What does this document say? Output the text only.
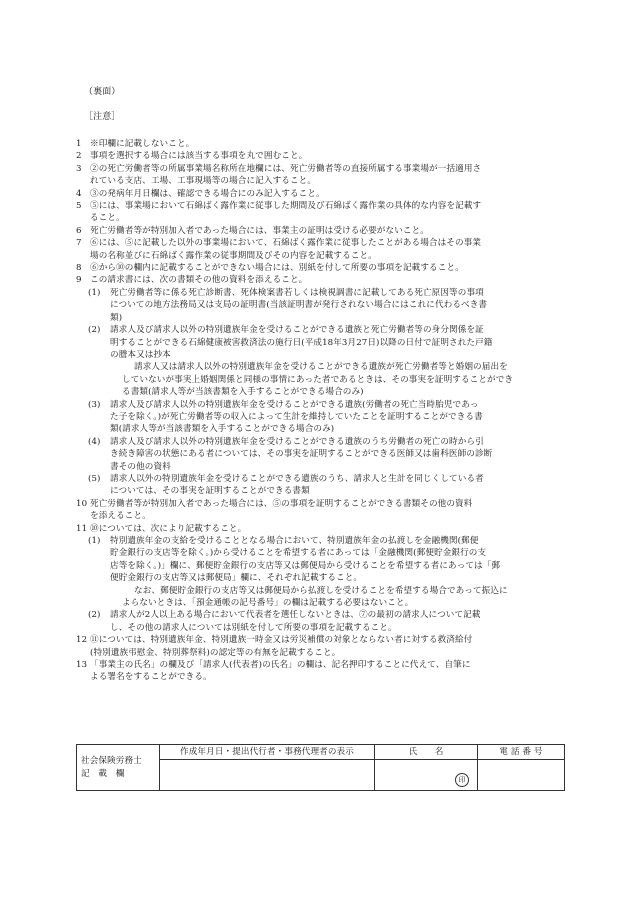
（裏面）
［注意］
1 ※印欄に記載しないこと。
2 事項を選択する場合には該当する事項を丸で囲むこと。
3 ②の死亡労働者等の所属事業場名称所在地欄には、死亡労働者等の直接所属する事業場が一括適用さ
れている支店、工場、工事現場等の場合に記入すること。
4 ③の発病年月日欄は、確認できる場合にのみ記入すること。
5 ⑤には、事業場において石綿ばく露作業に従事した期間及び石綿ばく露作業の具体的な内容を記載す
ること。
6 死亡労働者等が特別加入者であった場合には、事業主の証明は受ける必要がないこと。
7 ⑥には、⑤に記載した以外の事業場において、石綿ばく露作業に従事したことがある場合はその事業
場の名称並びに石綿ばく露作業の従事期間及びその内容を記載すること。
8 ⑥から⑩の欄内に記載することができない場合には、別紙を付して所要の事項を記載すること。
9 この請求書には、次の書類その他の資料を添えること。
(1) 死亡労働者等に係る死亡診断書、死体検案書若しくは検視調書に記載してある死亡原因等の事項
についての地方法務局又は支局の証明書(当該証明書が発行されない場合にはこれに代わるべき書
類)
(2) 請求人及び請求人以外の特別遺族年金を受けることができる遺族と死亡労働者等の身分関係を証
明することができる石綿健康被害救済法の施行日(平成18年3月27日)以降の日付で証明された戸籍
の謄本又は抄本
請求人又は請求人以外の特別遺族年金を受けることができる遺族が死亡労働者等と婚姻の届出を
していないが事実上婚姻関係と同様の事情にあった者であるときは、その事実を証明することができ
る書類(請求人等が当該書類を入手することができる場合のみ)
(3) 請求人及び請求人以外の特別遺族年金を受けることができる遺族(労働者の死亡当時胎児であっ
た子を除く。)が死亡労働者等の収入によって生計を維持していたことを証明することができる書
類(請求人等が当該書類を入手することができる場合のみ)
(4) 請求人及び請求人以外の特別遺族年金を受けることができる遺族のうち労働者の死亡の時から引
き続き障害の状態にある者については、その事実を証明することができる医師又は歯科医師の診断
書その他の資料
(5) 請求人以外の特別遺族年金を受けることができる遺族のうち、請求人と生計を同じくしている者
については、その事実を証明することができる書類
10 死亡労働者等が特別加入者であった場合には、⑤の事項を証明することができる書類その他の資料
を添えること。
11 ⑩については、次により記載すること。
(1) 特別遺族年金の支給を受けることとなる場合において、特別遺族年金の払渡しを金融機関(郵便
貯金銀行の支店等を除く。)から受けることを希望する者にあっては「金融機関(郵便貯金銀行の支
店等を除く。)」欄に、郵便貯金銀行の支店等又は郵便局から受けることを希望する者にあっては「郵
便貯金銀行の支店等又は郵便局」欄に、それぞれ記載すること。
なお、郵便貯金銀行の支店等又は郵便局から払渡しを受けることを希望する場合であって振込に
よらないときは、「預金通帳の記号番号」の欄は記載する必要はないこと。
(2) 請求人が2人以上ある場合において代表者を選任しないときは、⑦の最初の請求人について記載
し、その他の請求人については別紙を付して所要の事項を記載すること。
12 ⑪については、特別遺族年金、特別遺族一時金又は労災補償の対象とならない者に対する救済給付
(特別遺族弔慰金、特別葬祭料)の認定等の有無を記載すること。
13 「事業主の氏名」の欄及び「請求人(代表者)の氏名」の欄は、記名押印することに代えて、自筆に
よる署名をすることができる。
社会保険労務士
記　載　欄	作成年月日・提出代行者・事務代理者の表示	氏　　名	電 話 番 号

		印	
